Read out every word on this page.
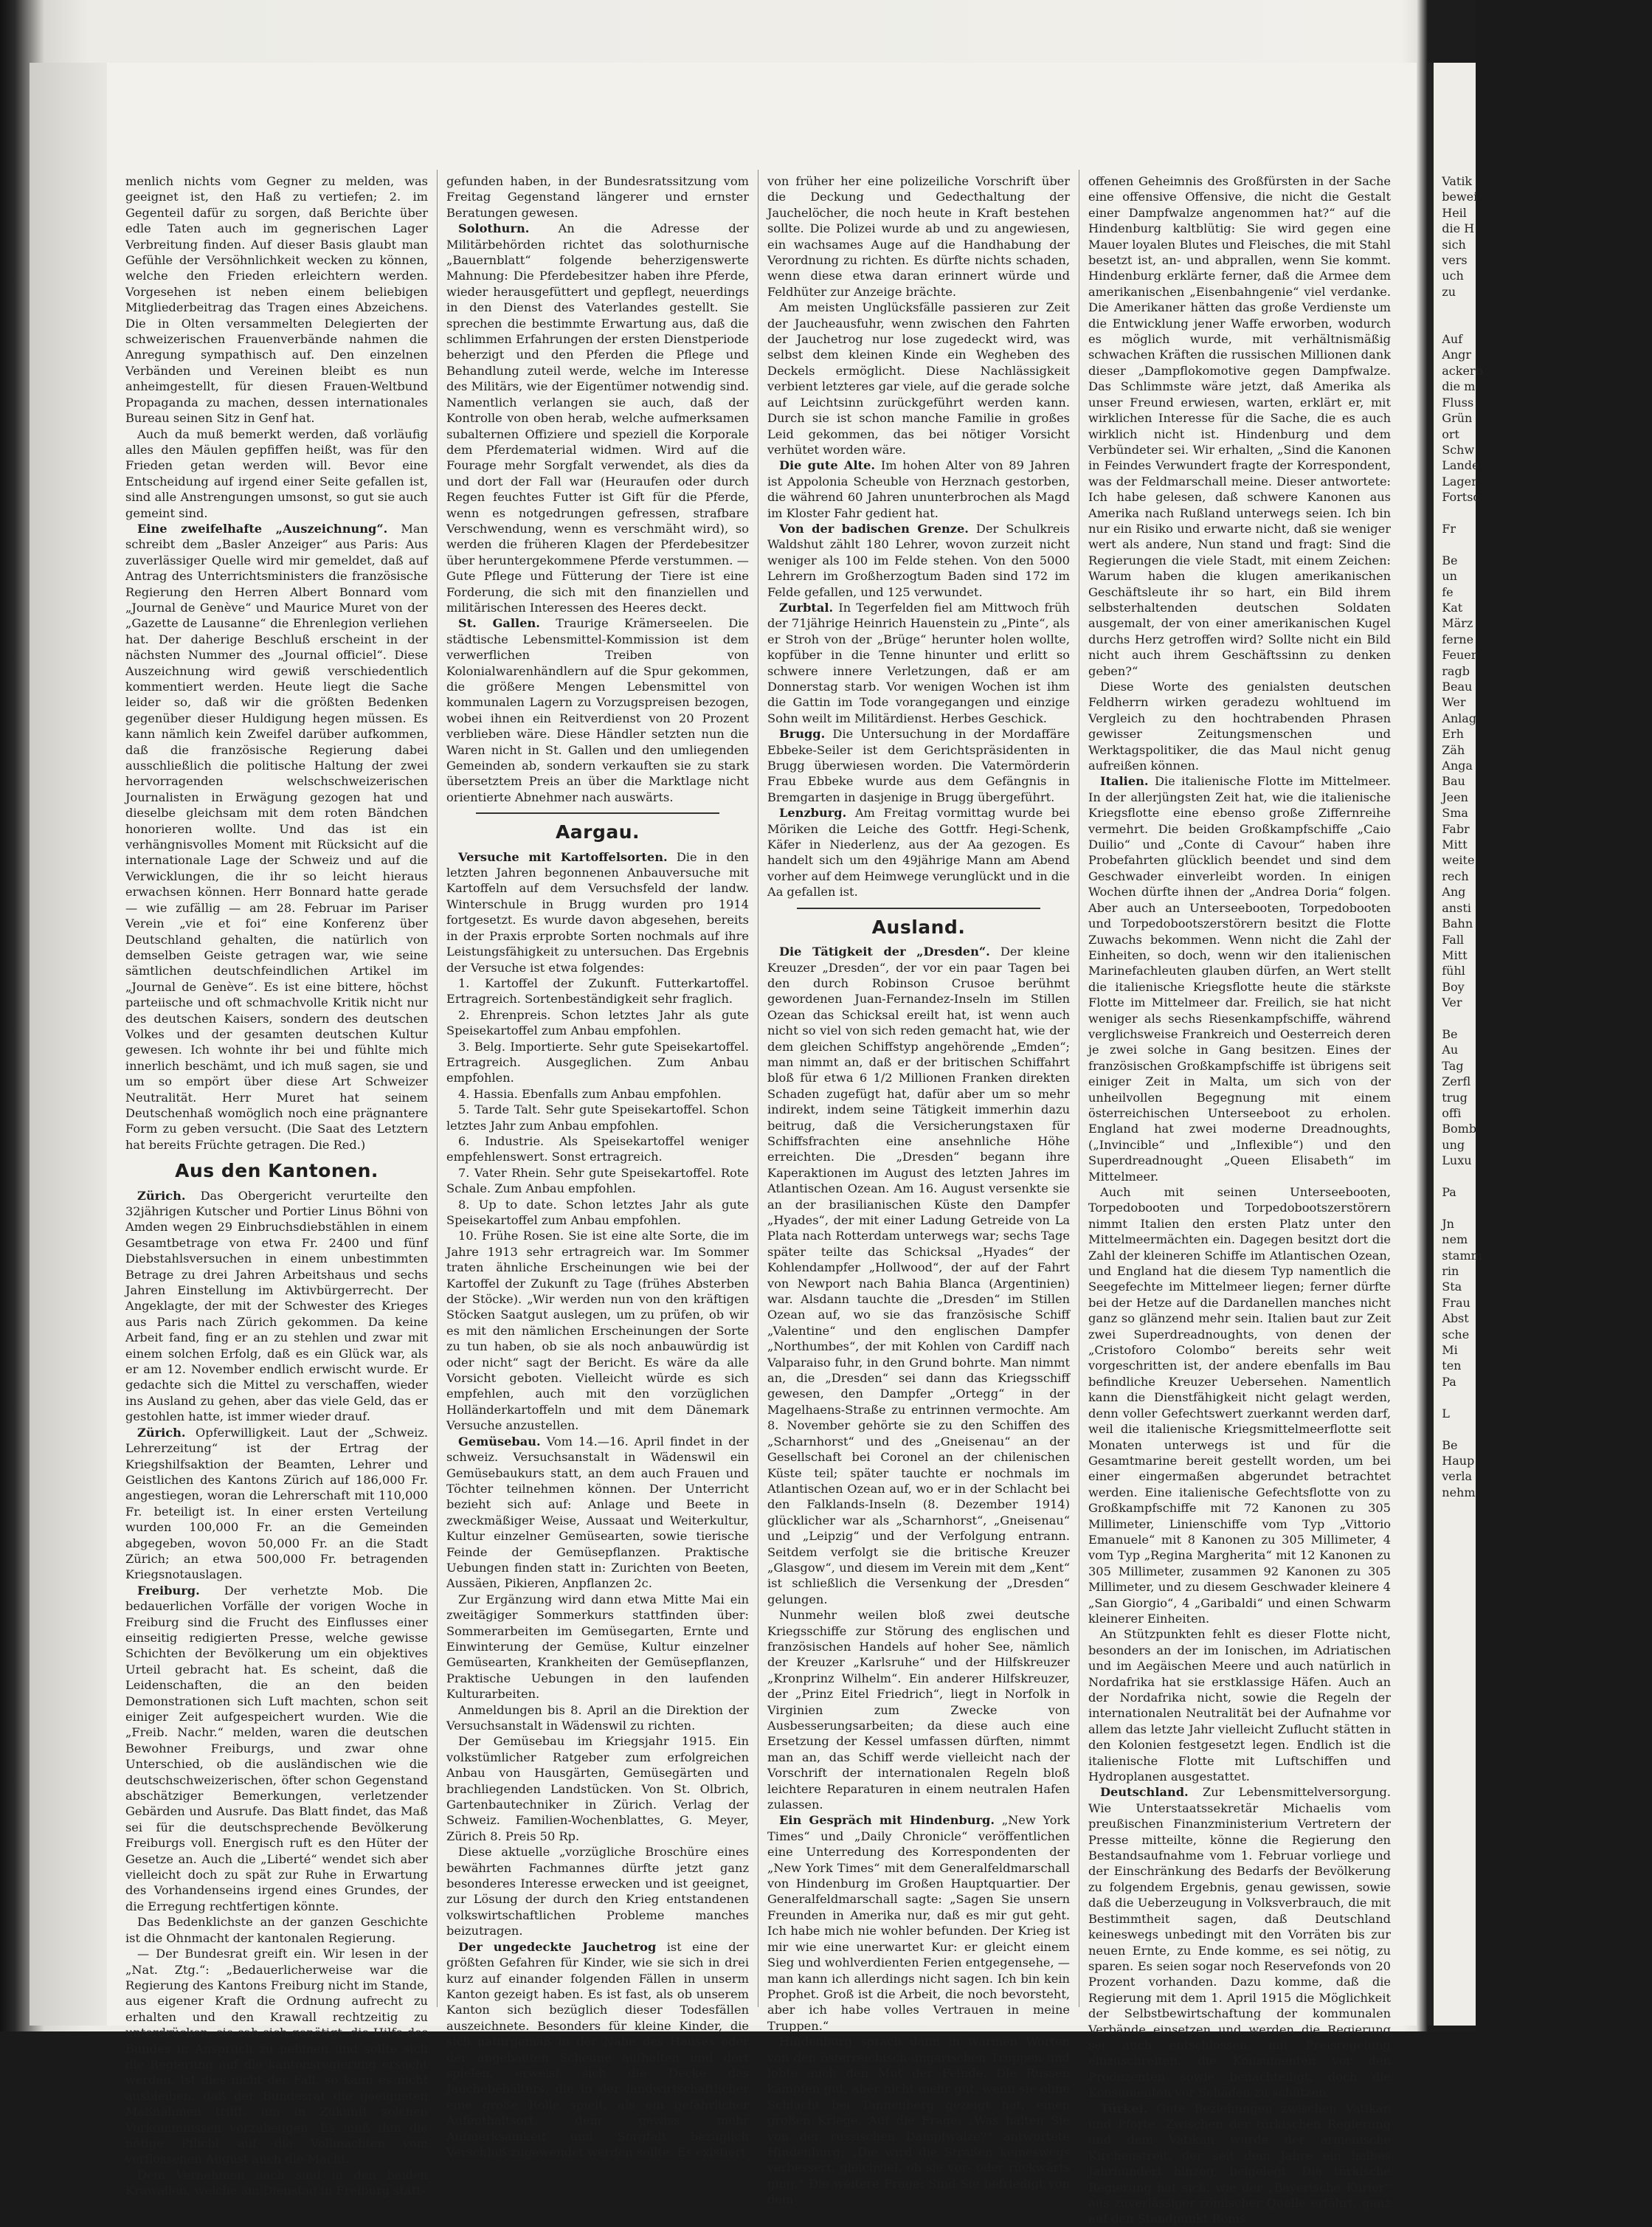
menlich nichts vom Gegner zu melden, was geeignet ist, den Haß zu vertiefen; 2. im Gegenteil dafür zu sorgen, daß Berichte über edle Taten auch im gegnerischen Lager Verbreitung finden. Auf dieser Basis glaubt man Gefühle der Versöhnlichkeit wecken zu können, welche den Frieden erleichtern werden. Vorgesehen ist neben einem beliebigen Mitgliederbeitrag das Tragen eines Abzeichens. Die in Olten versammelten Delegierten der schweizerischen Frauenverbände nahmen die Anregung sympathisch auf. Den einzelnen Verbänden und Vereinen bleibt es nun anheimgestellt, für diesen Frauen-Weltbund Propaganda zu machen, dessen internationales Bureau seinen Sitz in Genf hat.

Auch da muß bemerkt werden, daß vorläufig alles den Mäulen gepfiffen heißt, was für den Frieden getan werden will. Bevor eine Entscheidung auf irgend einer Seite gefallen ist, sind alle Anstrengungen umsonst, so gut sie auch gemeint sind.

Eine zweifelhafte „Auszeichnung“. Man schreibt dem „Basler Anzeiger“ aus Paris: Aus zuverlässiger Quelle wird mir gemeldet, daß auf Antrag des Unterrichtsministers die französische Regierung den Herren Albert Bonnard vom „Journal de Genève“ und Maurice Muret von der „Gazette de Lausanne“ die Ehrenlegion verliehen hat. Der daherige Beschluß erscheint in der nächsten Nummer des „Journal officiel“. Diese Auszeichnung wird gewiß verschiedentlich kommentiert werden. Heute liegt die Sache leider so, daß wir die größten Bedenken gegenüber dieser Huldigung hegen müssen. Es kann nämlich kein Zweifel darüber aufkommen, daß die französische Regierung dabei ausschließlich die politische Haltung der zwei hervorragenden welschschweizerischen Journalisten in Erwägung gezogen hat und dieselbe gleichsam mit dem roten Bändchen honorieren wollte. Und das ist ein verhängnisvolles Moment mit Rücksicht auf die internationale Lage der Schweiz und auf die Verwicklungen, die ihr so leicht hieraus erwachsen können. Herr Bonnard hatte gerade — wie zufällig — am 28. Februar im Pariser Verein „vie et foi“ eine Konferenz über Deutschland gehalten, die natürlich von demselben Geiste getragen war, wie seine sämtlichen deutschfeindlichen Artikel im „Journal de Genève“. Es ist eine bittere, höchst parteiische und oft schmachvolle Kritik nicht nur des deutschen Kaisers, sondern des deutschen Volkes und der gesamten deutschen Kultur gewesen. Ich wohnte ihr bei und fühlte mich innerlich beschämt, und ich muß sagen, sie und um so empört über diese Art Schweizer Neutralität. Herr Muret hat seinem Deutschenhaß womöglich noch eine prägnantere Form zu geben versucht. (Die Saat des Letztern hat bereits Früchte getragen. Die Red.)

Aus den Kantonen.

Zürich. Das Obergericht verurteilte den 32jährigen Kutscher und Portier Linus Böhni von Amden wegen 29 Einbruchsdiebstählen in einem Gesamtbetrage von etwa Fr. 2400 und fünf Diebstahlsversuchen in einem unbestimmten Betrage zu drei Jahren Arbeitshaus und sechs Jahren Einstellung im Aktivbürgerrecht. Der Angeklagte, der mit der Schwester des Krieges aus Paris nach Zürich gekommen. Da keine Arbeit fand, fing er an zu stehlen und zwar mit einem solchen Erfolg, daß es ein Glück war, als er am 12. November endlich erwischt wurde. Er gedachte sich die Mittel zu verschaffen, wieder ins Ausland zu gehen, aber das viele Geld, das er gestohlen hatte, ist immer wieder drauf.

Zürich. Opferwilligkeit. Laut der „Schweiz. Lehrerzeitung“ ist der Ertrag der Kriegshilfsaktion der Beamten, Lehrer und Geistlichen des Kantons Zürich auf 186,000 Fr. angestiegen, woran die Lehrerschaft mit 110,000 Fr. beteiligt ist. In einer ersten Verteilung wurden 100,000 Fr. an die Gemeinden abgegeben, wovon 50,000 Fr. an die Stadt Zürich; an etwa 500,000 Fr. betragenden Kriegsnotauslagen.

Freiburg. Der verhetzte Mob. Die bedauerlichen Vorfälle der vorigen Woche in Freiburg sind die Frucht des Einflusses einer einseitig redigierten Presse, welche gewisse Schichten der Bevölkerung um ein objektives Urteil gebracht hat. Es scheint, daß die Leidenschaften, die an den beiden Demonstrationen sich Luft machten, schon seit einiger Zeit aufgespeichert wurden. Wie die „Freib. Nachr.“ melden, waren die deutschen Bewohner Freiburgs, und zwar ohne Unterschied, ob die ausländischen wie die deutschschweizerischen, öfter schon Gegenstand abschätziger Bemerkungen, verletzender Gebärden und Ausrufe. Das Blatt findet, das Maß sei für die deutschsprechende Bevölkerung Freiburgs voll. Energisch ruft es den Hüter der Gesetze an. Auch die „Liberté“ wendet sich aber vielleicht doch zu spät zur Ruhe in Erwartung des Vorhandenseins irgend eines Grundes, der die Erregung rechtfertigen könnte.

Das Bedenklichste an der ganzen Geschichte ist die Ohnmacht der kantonalen Regierung.

— Der Bundesrat greift ein. Wir lesen in der „Nat. Ztg.“: „Bedauerlicherweise war die Regierung des Kantons Freiburg nicht im Stande, aus eigener Kraft die Ordnung aufrecht zu erhalten und den Krawall rechtzeitig zu unterdrücken; sie sah sich genötigt, die Hilfe des Bundes in Anspruch zu nehmen und sollte sich die Regierung auf die kantonsregierung ersucht werden. Ist dies nicht der Fall, so kann es nicht ausbleiben, daß der Bundesrat die geeigneten Maßnahmen trifft, um in Zukunft solchen Vorkommnissen vorzubeugen. Es muß ihm die nötige Pflicht auf die Vollmachten vom verflossenen August auch die Macht.

Dem Vernehmen nach sind in den beiden Krawallen, welche am Dienstag in Freiburg statt-

gefunden haben, in der Bundesratssitzung vom Freitag Gegenstand längerer und ernster Beratungen gewesen.

Solothurn. An die Adresse der Militärbehörden richtet das solothurnische „Bauernblatt“ folgende beherzigenswerte Mahnung: Die Pferdebesitzer haben ihre Pferde, wieder herausgefüttert und gepflegt, neuerdings in den Dienst des Vaterlandes gestellt. Sie sprechen die bestimmte Erwartung aus, daß die schlimmen Erfahrungen der ersten Dienstperiode beherzigt und den Pferden die Pflege und Behandlung zuteil werde, welche im Interesse des Militärs, wie der Eigentümer notwendig sind. Namentlich verlangen sie auch, daß der Kontrolle von oben herab, welche aufmerksamen subalternen Offiziere und speziell die Korporale dem Pferdematerial widmen. Wird auf die Fourage mehr Sorgfalt verwendet, als dies da und dort der Fall war (Heuraufen oder durch Regen feuchtes Futter ist Gift für die Pferde, wenn es notgedrungen gefressen, strafbare Verschwendung, wenn es verschmäht wird), so werden die früheren Klagen der Pferdebesitzer über heruntergekommene Pferde verstummen. — Gute Pflege und Fütterung der Tiere ist eine Forderung, die sich mit den finanziellen und militärischen Interessen des Heeres deckt.

St. Gallen. Traurige Krämerseelen. Die städtische Lebensmittel-Kommission ist dem verwerflichen Treiben von Kolonialwarenhändlern auf die Spur gekommen, die größere Mengen Lebensmittel von kommunalen Lagern zu Vorzugspreisen bezogen, wobei ihnen ein Reitverdienst von 20 Prozent verblieben wäre. Diese Händler setzten nun die Waren nicht in St. Gallen und den umliegenden Gemeinden ab, sondern verkauften sie zu stark übersetztem Preis an über die Marktlage nicht orientierte Abnehmer nach auswärts.

Aargau.

Versuche mit Kartoffelsorten. Die in den letzten Jahren begonnenen Anbauversuche mit Kartoffeln auf dem Versuchsfeld der landw. Winterschule in Brugg wurden pro 1914 fortgesetzt. Es wurde davon abgesehen, bereits in der Praxis erprobte Sorten nochmals auf ihre Leistungsfähigkeit zu untersuchen. Das Ergebnis der Versuche ist etwa folgendes:

1. Kartoffel der Zukunft. Futterkartoffel. Ertragreich. Sortenbeständigkeit sehr fraglich.

2. Ehrenpreis. Schon letztes Jahr als gute Speisekartoffel zum Anbau empfohlen.

3. Belg. Importierte. Sehr gute Speisekartoffel. Ertragreich. Ausgeglichen. Zum Anbau empfohlen.

4. Hassia. Ebenfalls zum Anbau empfohlen.

5. Tarde Talt. Sehr gute Speisekartoffel. Schon letztes Jahr zum Anbau empfohlen.

6. Industrie. Als Speisekartoffel weniger empfehlenswert. Sonst ertragreich.

7. Vater Rhein. Sehr gute Speisekartoffel. Rote Schale. Zum Anbau empfohlen.

8. Up to date. Schon letztes Jahr als gute Speisekartoffel zum Anbau empfohlen.

10. Frühe Rosen. Sie ist eine alte Sorte, die im Jahre 1913 sehr ertragreich war. Im Sommer traten ähnliche Erscheinungen wie bei der Kartoffel der Zukunft zu Tage (frühes Absterben der Stöcke). „Wir werden nun von den kräftigen Stöcken Saatgut auslegen, um zu prüfen, ob wir es mit den nämlichen Erscheinungen der Sorte zu tun haben, ob sie als noch anbauwürdig ist oder nicht“ sagt der Bericht. Es wäre da alle Vorsicht geboten. Vielleicht würde es sich empfehlen, auch mit den vorzüglichen Holländerkartoffeln und mit dem Dänemark Versuche anzustellen.

Gemüsebau. Vom 14.—16. April findet in der schweiz. Versuchsanstalt in Wädenswil ein Gemüsebaukurs statt, an dem auch Frauen und Töchter teilnehmen können. Der Unterricht bezieht sich auf: Anlage und Beete in zweckmäßiger Weise, Aussaat und Weiterkultur, Kultur einzelner Gemüsearten, sowie tierische Feinde der Gemüsepflanzen. Praktische Uebungen finden statt in: Zurichten von Beeten, Aussäen, Pikieren, Anpflanzen 2c.

Zur Ergänzung wird dann etwa Mitte Mai ein zweitägiger Sommerkurs stattfinden über: Sommerarbeiten im Gemüsegarten, Ernte und Einwinterung der Gemüse, Kultur einzelner Gemüsearten, Krankheiten der Gemüsepflanzen, Praktische Uebungen in den laufenden Kulturarbeiten.

Anmeldungen bis 8. April an die Direktion der Versuchsanstalt in Wädenswil zu richten.

Der Gemüsebau im Kriegsjahr 1915. Ein volkstümlicher Ratgeber zum erfolgreichen Anbau von Hausgärten, Gemüsegärten und brachliegenden Landstücken. Von St. Olbrich, Gartenbautechniker in Zürich. Verlag der Schweiz. Familien-Wochenblattes, G. Meyer, Zürich 8. Preis 50 Rp.

Diese aktuelle „vorzügliche Broschüre eines bewährten Fachmannes dürfte jetzt ganz besonderes Interesse erwecken und ist geeignet, zur Lösung der durch den Krieg entstandenen volkswirtschaftlichen Probleme manches beizutragen.

Der ungedeckte Jauchetrog ist eine der größten Gefahren für Kinder, wie sie sich in drei kurz auf einander folgenden Fällen in unserm Kanton gezeigt haben. Es ist fast, als ob unserem Kanton sich bezüglich dieser Todesfällen auszeichnete. Besonders für kleine Kinder, die sich naturgemäß in der Nähe des Hauses oder der angebauten Scheune aufhalten und dort spielen, erweist sich die Decke des Jauchebehälters, die in der landwirtschaftlicher eine große Rolle spielt, als ein gefährlicher Aufenthaltsort, dem gewiss mehr Aufmerksamkeit und Sorgfalt bezüglich Verschluß zugewendet werden sollte. Es existiert

von früher her eine polizeiliche Vorschrift über die Deckung und Gedecthaltung der Jauchelöcher, die noch heute in Kraft bestehen sollte. Die Polizei wurde ab und zu angewiesen, ein wachsames Auge auf die Handhabung der Verordnung zu richten. Es dürfte nichts schaden, wenn diese etwa daran erinnert würde und Feldhüter zur Anzeige brächte.

Am meisten Unglücksfälle passieren zur Zeit der Jaucheausfuhr, wenn zwischen den Fahrten der Jauchetrog nur lose zugedeckt wird, was selbst dem kleinen Kinde ein Wegheben des Deckels ermöglicht. Diese Nachlässigkeit verbient letzteres gar viele, auf die gerade solche auf Leichtsinn zurückgeführt werden kann. Durch sie ist schon manche Familie in großes Leid gekommen, das bei nötiger Vorsicht verhütet worden wäre.

Die gute Alte. Im hohen Alter von 89 Jahren ist Appolonia Scheuble von Herznach gestorben, die während 60 Jahren ununterbrochen als Magd im Kloster Fahr gedient hat.

Von der badischen Grenze. Der Schulkreis Waldshut zählt 180 Lehrer, wovon zurzeit nicht weniger als 100 im Felde stehen. Von den 5000 Lehrern im Großherzogtum Baden sind 172 im Felde gefallen, und 125 verwundet.

Zurbtal. In Tegerfelden fiel am Mittwoch früh der 71jährige Heinrich Hauenstein zu „Pinte“, als er Stroh von der „Brüge“ herunter holen wollte, kopfüber in die Tenne hinunter und erlitt so schwere innere Verletzungen, daß er am Donnerstag starb. Vor wenigen Wochen ist ihm die Gattin im Tode vorangegangen und einzige Sohn weilt im Militärdienst. Herbes Geschick.

Brugg. Die Untersuchung in der Mordaffäre Ebbeke-Seiler ist dem Gerichtspräsidenten in Brugg überwiesen worden. Die Vatermörderin Frau Ebbeke wurde aus dem Gefängnis in Bremgarten in dasjenige in Brugg übergeführt.

Lenzburg. Am Freitag vormittag wurde bei Möriken die Leiche des Gottfr. Hegi-Schenk, Käfer in Niederlenz, aus der Aa gezogen. Es handelt sich um den 49jährige Mann am Abend vorher auf dem Heimwege verunglückt und in die Aa gefallen ist.

Ausland.

Die Tätigkeit der „Dresden“. Der kleine Kreuzer „Dresden“, der vor ein paar Tagen bei den durch Robinson Crusoe berühmt gewordenen Juan-Fernandez-Inseln im Stillen Ozean das Schicksal ereilt hat, ist wenn auch nicht so viel von sich reden gemacht hat, wie der dem gleichen Schiffstyp angehörende „Emden“; man nimmt an, daß er der britischen Schiffahrt bloß für etwa 6 1/2 Millionen Franken direkten Schaden zugefügt hat, dafür aber um so mehr indirekt, indem seine Tätigkeit immerhin dazu beitrug, daß die Versicherungstaxen für Schiffsfrachten eine ansehnliche Höhe erreichten. Die „Dresden“ begann ihre Kaperaktionen im August des letzten Jahres im Atlantischen Ozean. Am 16. August versenkte sie an der brasilianischen Küste den Dampfer „Hyades“, der mit einer Ladung Getreide von La Plata nach Rotterdam unterwegs war; sechs Tage später teilte das Schicksal „Hyades“ der Kohlendampfer „Hollwood“, der auf der Fahrt von Newport nach Bahia Blanca (Argentinien) war. Alsdann tauchte die „Dresden“ im Stillen Ozean auf, wo sie das französische Schiff „Valentine“ und den englischen Dampfer „Northumbes“, der mit Kohlen von Cardiff nach Valparaiso fuhr, in den Grund bohrte. Man nimmt an, die „Dresden“ sei dann das Kriegsschiff gewesen, den Dampfer „Ortegg“ in der Magelhaens-Straße zu entrinnen vermochte. Am 8. November gehörte sie zu den Schiffen des „Scharnhorst“ und des „Gneisenau“ an der Gesellschaft bei Coronel an der chilenischen Küste teil; später tauchte er nochmals im Atlantischen Ozean auf, wo er in der Schlacht bei den Falklands-Inseln (8. Dezember 1914) glücklicher war als „Scharnhorst“, „Gneisenau“ und „Leipzig“ und der Verfolgung entrann. Seitdem verfolgt sie die britische Kreuzer „Glasgow“, und diesem im Verein mit dem „Kent“ ist schließlich die Versenkung der „Dresden“ gelungen.

Nunmehr weilen bloß zwei deutsche Kriegsschiffe zur Störung des englischen und französischen Handels auf hoher See, nämlich der Kreuzer „Karlsruhe“ und der Hilfskreuzer „Kronprinz Wilhelm“. Ein anderer Hilfskreuzer, der „Prinz Eitel Friedrich“, liegt in Norfolk in Virginien zum Zwecke von Ausbesserungsarbeiten; da diese auch eine Ersetzung der Kessel umfassen dürften, nimmt man an, das Schiff werde vielleicht nach der Vorschrift der internationalen Regeln bloß leichtere Reparaturen in einem neutralen Hafen zulassen.

Ein Gespräch mit Hindenburg. „New York Times“ und „Daily Chronicle“ veröffentlichen eine Unterredung des Korrespondenten der „New York Times“ mit dem Generalfeldmarschall von Hindenburg im Großen Hauptquartier. Der Generalfeldmarschall sagte: „Sagen Sie unsern Freunden in Amerika nur, daß es mir gut geht. Ich habe mich nie wohler befunden. Der Krieg ist mir wie eine unerwartet Kur: er gleicht einem Sieg und wohlverdienten Ferien entgegensehe, — man kann ich allerdings nicht sagen. Ich bin kein Prophet. Groß ist die Arbeit, die noch bevorsteht, aber ich habe volles Vertrauen in meine Truppen.“

Hindenburg sprach dann in warmen Worten von den österreichisch-ungarischen Truppen und lobte auch den Mut der Feinde. Die Russen kämpfen gut, aber nicht mehr gut, wenn sie ohne Schlacht bei Tannenberg gezeigt hat, einen großen Kriege. Auf die Frage: „Was halten Sie von der russischen Dampfwalze?“ antwortete Hindenburg: „Die wird die Straßen keineswegs verbessert, gleichviel, ob sie vor- oder rückwärts ging.“ Die weitere Frage: Sind Sie befriedigt von dem

offenen Geheimnis des Großfürsten in der Sache eine offensive Offensive, die nicht die Gestalt einer Dampfwalze angenommen hat?“ auf die Hindenburg kaltblütig: Sie wird gegen eine Mauer loyalen Blutes und Fleisches, die mit Stahl besetzt ist, an- und abprallen, wenn Sie kommt. Hindenburg erklärte ferner, daß die Armee dem amerikanischen „Eisenbahngenie“ viel verdanke. Die Amerikaner hätten das große Verdienste um die Entwicklung jener Waffe erworben, wodurch es möglich wurde, mit verhältnismäßig schwachen Kräften die russischen Millionen dank dieser „Dampflokomotive gegen Dampfwalze. Das Schlimmste wäre jetzt, daß Amerika als unser Freund erwiesen, warten, erklärt er, mit wirklichen Interesse für die Sache, die es auch wirklich nicht ist. Hindenburg und dem Verbündeter sei. Wir erhalten, „Sind die Kanonen in Feindes Verwundert fragte der Korrespondent, was der Feldmarschall meine. Dieser antwortete: Ich habe gelesen, daß schwere Kanonen aus Amerika nach Rußland unterwegs seien. Ich bin nur ein Risiko und erwarte nicht, daß sie weniger wert als andere, Nun stand und fragt: Sind die Regierungen die viele Stadt, mit einem Zeichen: Warum haben die klugen amerikanischen Geschäftsleute ihr so hart, ein Bild ihrem selbsterhaltenden deutschen Soldaten ausgemalt, der von einer amerikanischen Kugel durchs Herz getroffen wird? Sollte nicht ein Bild nicht auch ihrem Geschäftssinn zu denken geben?“

Diese Worte des genialsten deutschen Feldherrn wirken geradezu wohltuend im Vergleich zu den hochtrabenden Phrasen gewisser Zeitungsmenschen und Werktagspolitiker, die das Maul nicht genug aufreißen können.

Italien. Die italienische Flotte im Mittelmeer. In der allerjüngsten Zeit hat, wie die italienische Kriegsflotte eine ebenso große Ziffernreihe vermehrt. Die beiden Großkampfschiffe „Caio Duilio“ und „Conte di Cavour“ haben ihre Probefahrten glücklich beendet und sind dem Geschwader einverleibt worden. In einigen Wochen dürfte ihnen der „Andrea Doria“ folgen. Aber auch an Unterseebooten, Torpedobooten und Torpedobootszerstörern besitzt die Flotte Zuwachs bekommen. Wenn nicht die Zahl der Einheiten, so doch, wenn wir den italienischen Marinefachleuten glauben dürfen, an Wert stellt die italienische Kriegsflotte heute die stärkste Flotte im Mittelmeer dar. Freilich, sie hat nicht weniger als sechs Riesenkampfschiffe, während verglichsweise Frankreich und Oesterreich deren je zwei solche in Gang besitzen. Eines der französischen Großkampfschiffe ist übrigens seit einiger Zeit in Malta, um sich von der unheilvollen Begegnung mit einem österreichischen Unterseeboot zu erholen. England hat zwei moderne Dreadnoughts, („Invincible“ und „Inflexible“) und den Superdreadnought „Queen Elisabeth“ im Mittelmeer.

Auch mit seinen Unterseebooten, Torpedobooten und Torpedobootszerstörern nimmt Italien den ersten Platz unter den Mittelmeermächten ein. Dagegen besitzt dort die Zahl der kleineren Schiffe im Atlantischen Ozean, und England hat die diesem Typ namentlich die Seegefechte im Mittelmeer liegen; ferner dürfte bei der Hetze auf die Dardanellen manches nicht ganz so glänzend mehr sein. Italien baut zur Zeit zwei Superdreadnoughts, von denen der „Cristoforo Colombo“ bereits sehr weit vorgeschritten ist, der andere ebenfalls im Bau befindliche Kreuzer Uebersehen. Namentlich kann die Dienstfähigkeit nicht gelagt werden, denn voller Gefechtswert zuerkannt werden darf, weil die italienische Kriegsmittelmeerflotte seit Monaten unterwegs ist und für die Gesamtmarine bereit gestellt worden, um bei einer eingermaßen abgerundet betrachtet werden. Eine italienische Gefechtsflotte von zu Großkampfschiffe mit 72 Kanonen zu 305 Millimeter, Linienschiffe vom Typ „Vittorio Emanuele“ mit 8 Kanonen zu 305 Millimeter, 4 vom Typ „Regina Margherita“ mit 12 Kanonen zu 305 Millimeter, zusammen 92 Kanonen zu 305 Millimeter, und zu diesem Geschwader kleinere 4 „San Giorgio“, 4 „Garibaldi“ und einen Schwarm kleinerer Einheiten.

An Stützpunkten fehlt es dieser Flotte nicht, besonders an der im Ionischen, im Adriatischen und im Aegäischen Meere und auch natürlich in Nordafrika hat sie erstklassige Häfen. Auch an der Nordafrika nicht, sowie die Regeln der internationalen Neutralität bei der Aufnahme vor allem das letzte Jahr vielleicht Zuflucht stätten in den Kolonien festgesetzt legen. Endlich ist die italienische Flotte mit Luftschiffen und Hydroplanen ausgestattet.

Deutschland. Zur Lebensmittelversorgung. Wie Unterstaatssekretär Michaelis vom preußischen Finanzministerium Vertretern der Presse mitteilte, könne die Regierung den Bestandsaufnahme vom 1. Februar vorliege und der Einschränkung des Bedarfs der Bevölkerung zu folgendem Ergebnis, genau gewissen, sowie daß die Ueberzeugung in Volksverbrauch, die mit Bestimmtheit sagen, daß Deutschland keineswegs unbedingt mit den Vorräten bis zur neuen Ernte, zu Ende komme, es sei nötig, zu sparen. Es seien sogar noch Reservefonds von 20 Prozent vorhanden. Dazu komme, daß die Regierung mit dem 1. April 1915 die Möglichkeit der Selbstbewirtschaftung der kommunalen Verbände einsetzen und werden die Regierung sei auch entschlossen, mit Preisregelung einzuschreiten, die Konsumenten vor den Produzenten sowie benachteiligt, doch die Konsumenten vor Schäden zu schützen.

Türkei. Gute Beziehungen zwischen Vatikan und Pforte. Zwischen der türkischen Regierung und dem Vatikan wurde der armenische Kirchenstreit, der seit dem Jahre ein halbes Jahrhundert hinzog, beigelegt. Die türkische Regierung hat sich, wie der „Bayerische Kurier“ aus zuverlässiger römischer Quelle erfährt, ganz auf den Standpunkt Roms

Vatik
bewei
Heil
die H
sich
vers
uch
zu

Auf
Angr
ackerb
die m
Fluss
Grün
ort
Schw
Lande
Lager
Fortsc

Fr

Be
un
fe
Kat
März
ferne
Feuer
ragb
Beau
Wer
Anlag
Erh
Zäh
Anga
Bau
Jeen
Sma
Fabr
Mitt
weite
rech
Ang
ansti
Bahn
Fall
Mitt
fühl
Boy
Ver

Be
Au
Tag
Zerfl
trug
offi
Bomb
ung
Luxu

Pa

Jn
nem
stamm
rin
Sta
Frau
Abst
sche
Mi
ten
Pa

L

Be
Haup
verla
nehm
